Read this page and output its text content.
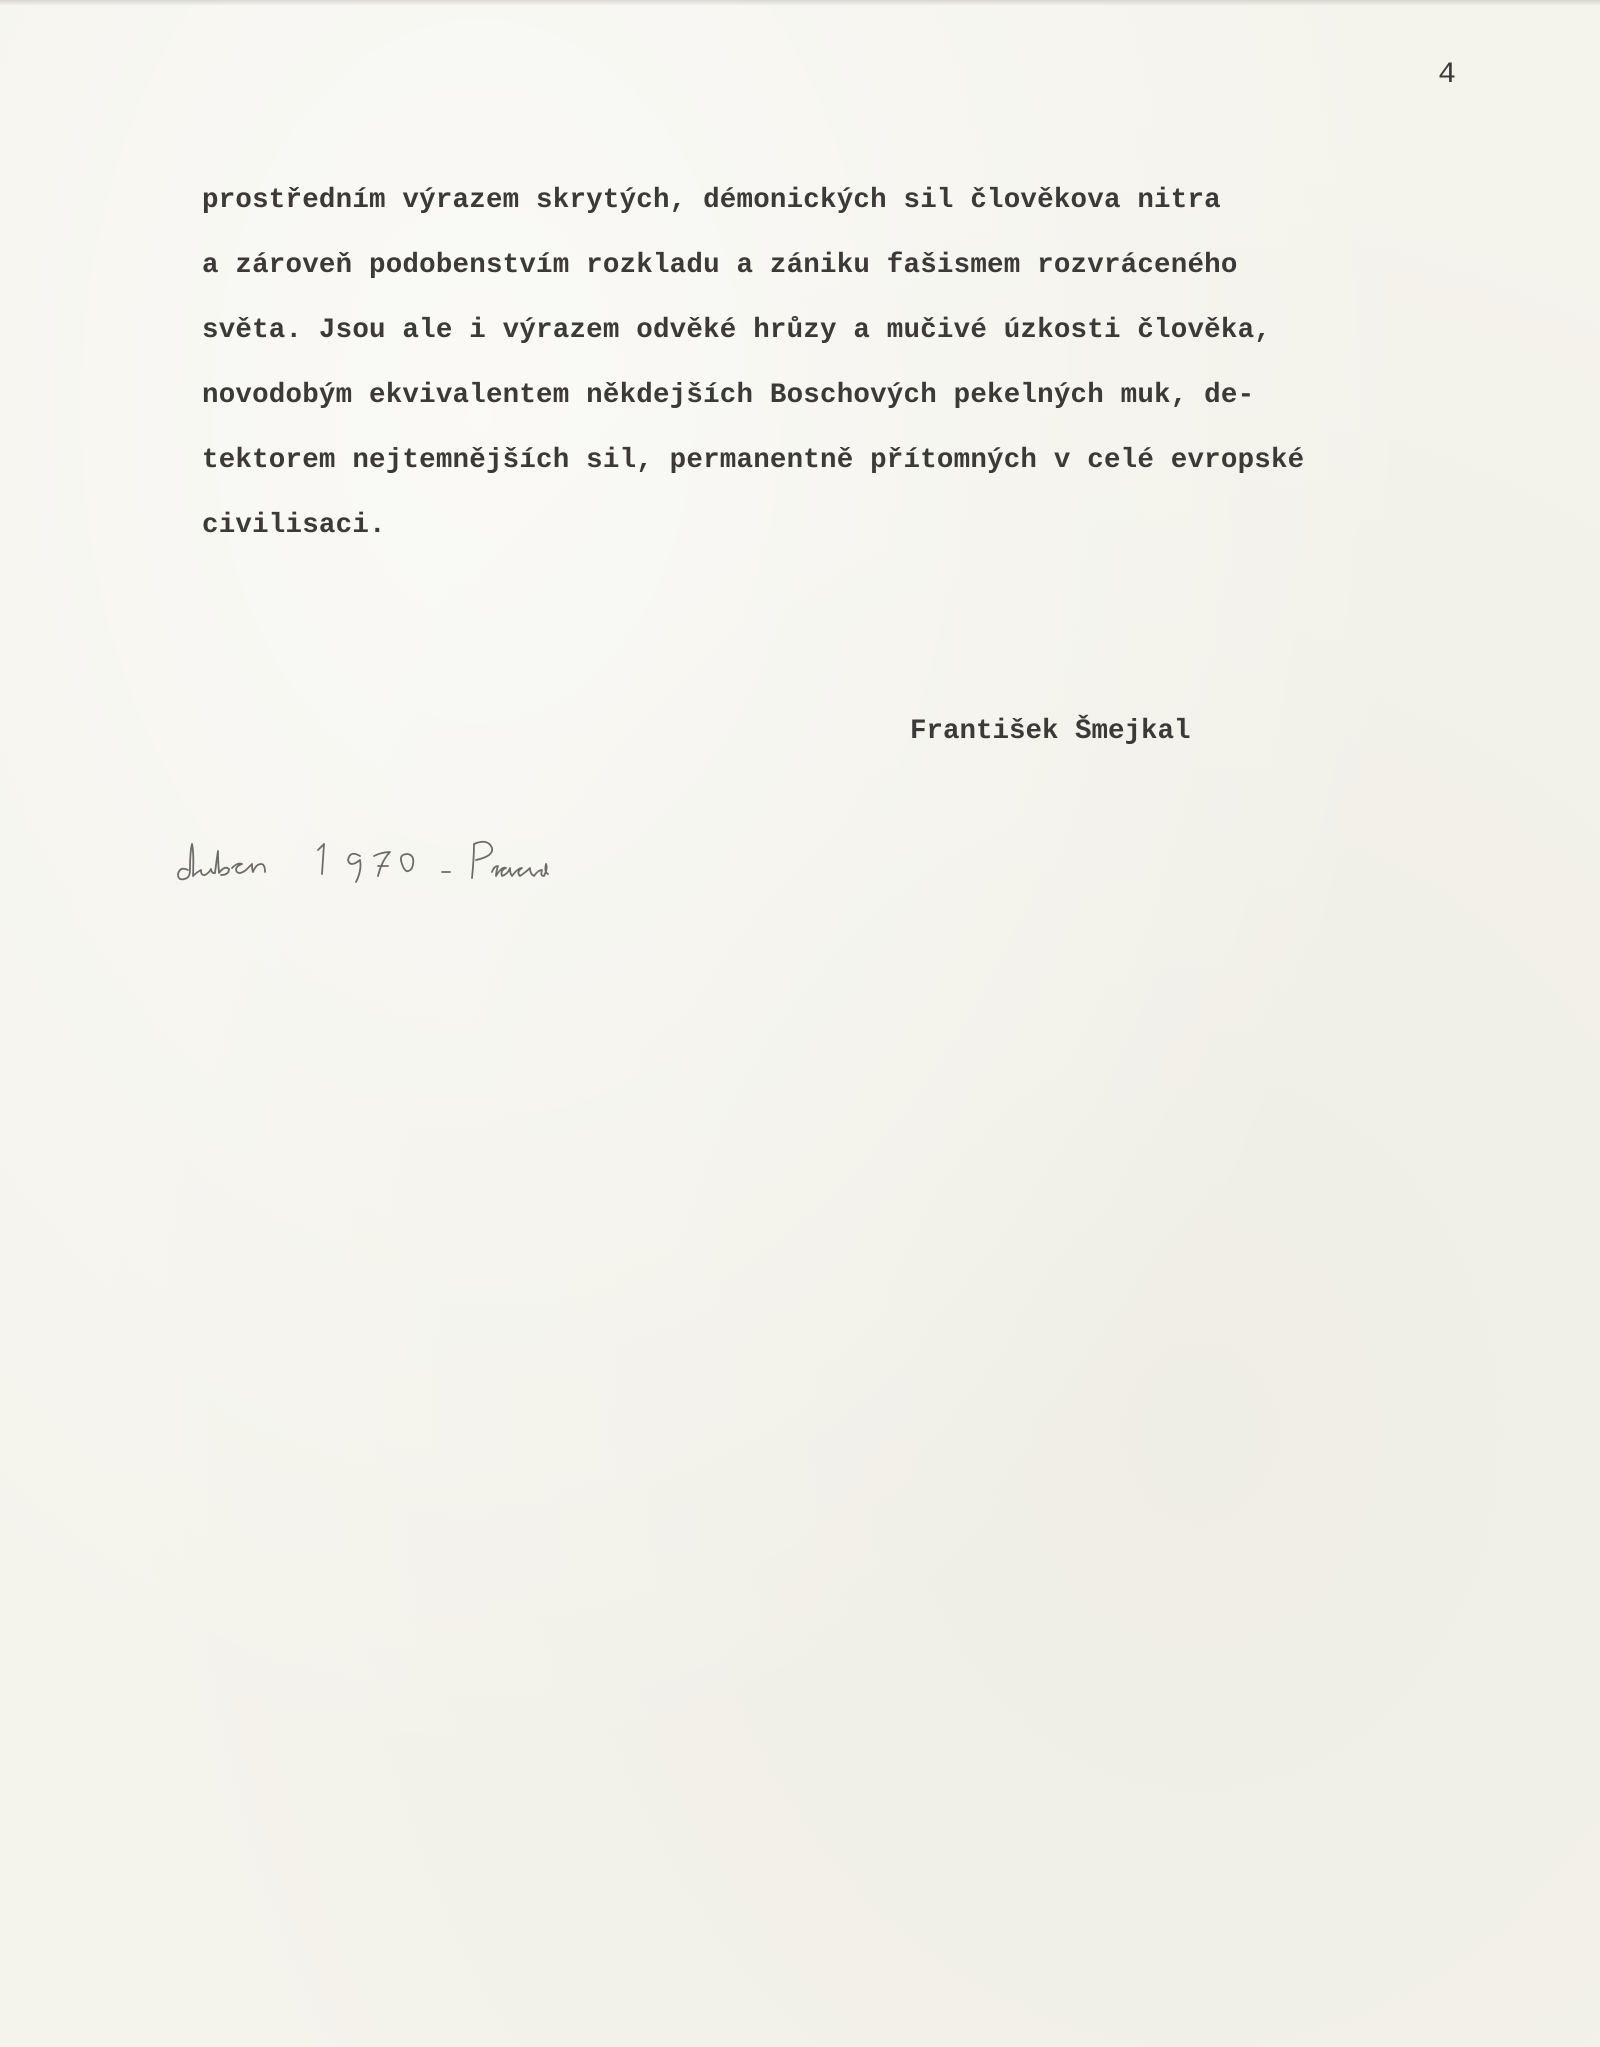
4

prostředním výrazem skrytých, démonických sil člověkova nitra
a zároveň podobenstvím rozkladu a zániku fašismem rozvráceného
světa. Jsou ale i výrazem odvěké hrůzy a mučivé úzkosti člověka,
novodobým ekvivalentem někdejších Boschových pekelných muk, de-
tektorem nejtemnějších sil, permanentně přítomných v celé evropské
civilisaci.

František Šmejkal
